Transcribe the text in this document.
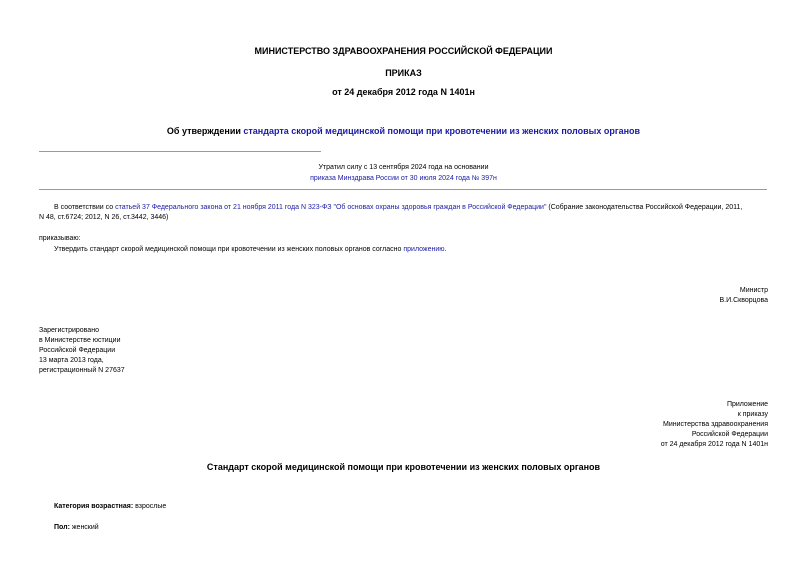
МИНИСТЕРСТВО ЗДРАВООХРАНЕНИЯ РОССИЙСКОЙ ФЕДЕРАЦИИ
ПРИКАЗ
от 24 декабря 2012 года N 1401н
Об утверждении стандарта скорой медицинской помощи при кровотечении из женских половых органов
Утратил силу с 13 сентября 2024 года на основании
приказа Минздрава России от 30 июля 2024 года № 397н
В соответствии со статьей 37 Федерального закона от 21 ноября 2011 года N 323-ФЗ "Об основах охраны здоровья граждан в Российской Федерации" (Собрание законодательства Российской Федерации, 2011,
N 48, ст.6724; 2012, N 26, ст.3442, 3446)
приказываю:
Утвердить стандарт скорой медицинской помощи при кровотечении из женских половых органов согласно приложению.
Министр
В.И.Скворцова
Зарегистрировано
в Министерстве юстиции
Российской Федерации
13 марта 2013 года,
регистрационный N 27637
Приложение
к приказу
Министерства здравоохранения
Российской Федерации
от 24 декабря 2012 года N 1401н
Стандарт скорой медицинской помощи при кровотечении из женских половых органов
Категория возрастная: взрослые
Пол: женский
